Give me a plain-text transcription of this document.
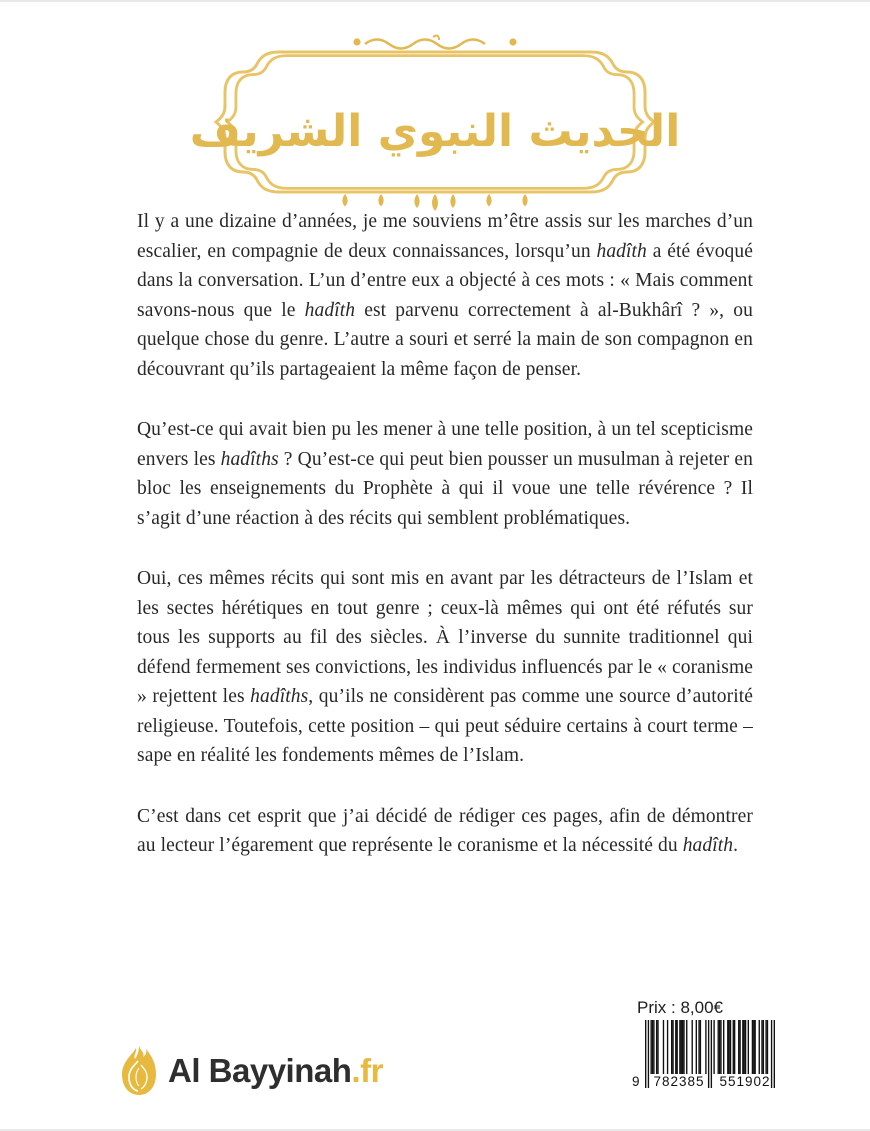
الحديث النبوي الشريف

Il y a une dizaine d’années, je me souviens m’être assis sur les marches d’un escalier, en compagnie de deux connaissances, lorsqu’un hadîth a été évoqué dans la conversation. L’un d’entre eux a objecté à ces mots : « Mais comment savons-nous que le hadîth est parvenu correctement à al-Bukhârî ? », ou quelque chose du genre. L’autre a souri et serré la main de son compagnon en découvrant qu’ils partageaient la même façon de penser.

Qu’est-ce qui avait bien pu les mener à une telle position, à un tel scepticisme envers les hadîths ? Qu’est-ce qui peut bien pousser un musulman à rejeter en bloc les enseignements du Prophète à qui il voue une telle révérence ? Il s’agit d’une réaction à des récits qui semblent problématiques.

Oui, ces mêmes récits qui sont mis en avant par les détracteurs de l’Islam et les sectes hérétiques en tout genre ; ceux-là mêmes qui ont été réfutés sur tous les supports au fil des siècles. À l’inverse du sunnite traditionnel qui défend fermement ses convictions, les individus influencés par le « coranisme » rejettent les hadîths, qu’ils ne considèrent pas comme une source d’autorité religieuse. Toutefois, cette position – qui peut séduire certains à court terme – sape en réalité les fondements mêmes de l’Islam.

C’est dans cet esprit que j’ai décidé de rédiger ces pages, afin de démontrer au lecteur l’égarement que représente le coranisme et la nécessité du hadîth.

Prix : 8,00€
9	782385	551902
Al Bayyinah.fr
